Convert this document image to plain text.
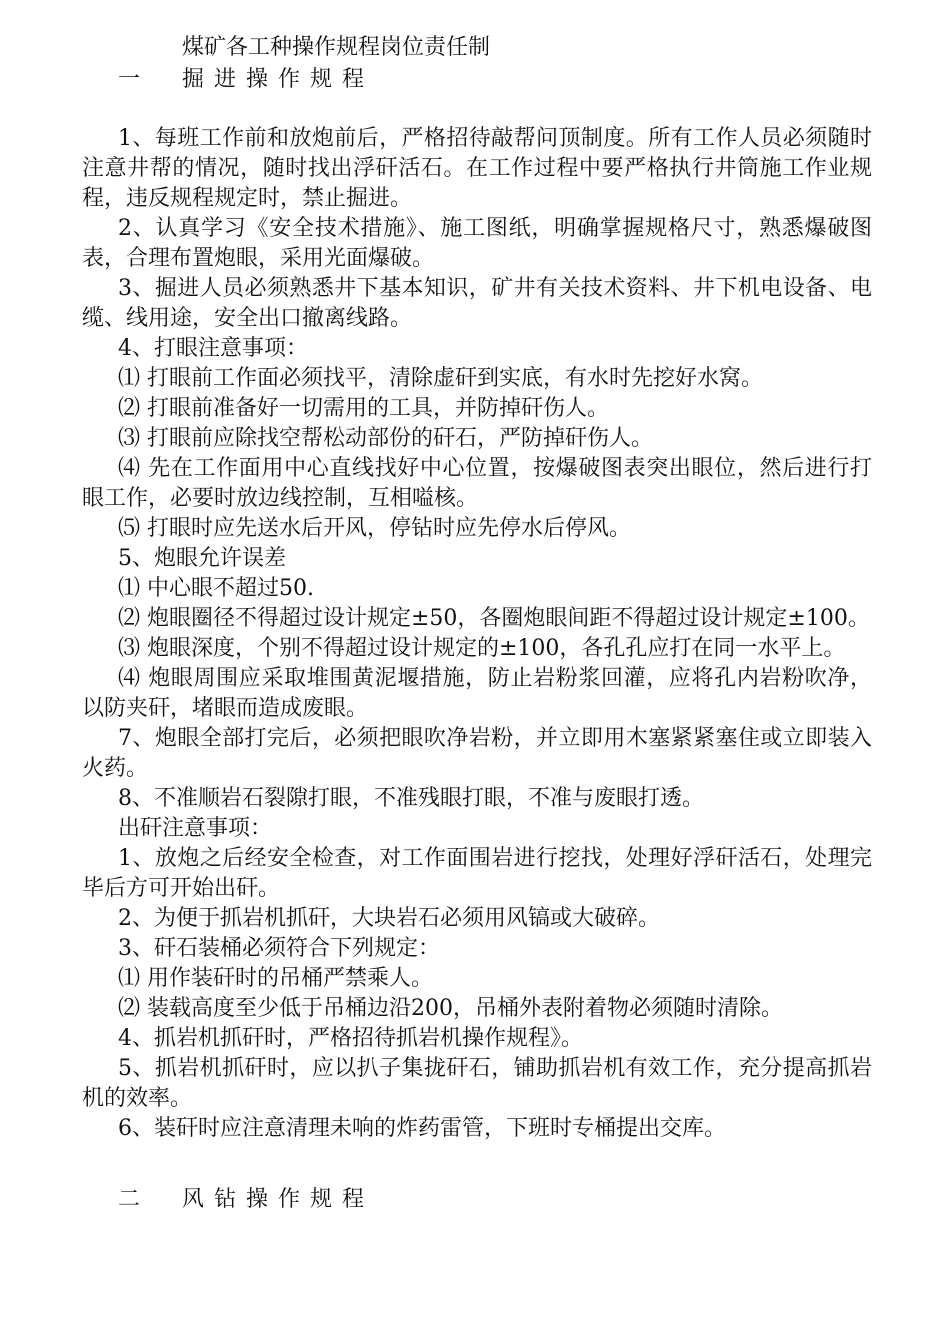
煤矿各工种操作规程岗位责任制
一　掘进操作规程

1、每班工作前和放炮前后，严格招待敲帮问顶制度。所有工作人员必须随时注意井帮的情况，随时找出浮矸活石。在工作过程中要严格执行井筒施工作业规程，违反规程规定时，禁止掘进。

2、认真学习《安全技术措施》、施工图纸，明确掌握规格尺寸，熟悉爆破图表，合理布置炮眼，采用光面爆破。

3、掘进人员必须熟悉井下基本知识，矿井有关技术资料、井下机电设备、电缆、线用途，安全出口撤离线路。

4、打眼注意事项：

⑴ 打眼前工作面必须找平，清除虚矸到实底，有水时先挖好水窝。

⑵ 打眼前准备好一切需用的工具，并防掉矸伤人。

⑶ 打眼前应除找空帮松动部份的矸石，严防掉矸伤人。

⑷ 先在工作面用中心直线找好中心位置，按爆破图表突出眼位，然后进行打眼工作，必要时放边线控制，互相嗌核。

⑸ 打眼时应先送水后开风，停钻时应先停水后停风。

5、炮眼允许误差

⑴ 中心眼不超过50.

⑵ 炮眼圈径不得超过设计规定±50，各圈炮眼间距不得超过设计规定±100。

⑶ 炮眼深度，个别不得超过设计规定的±100，各孔孔应打在同一水平上。

⑷ 炮眼周围应采取堆围黄泥堰措施，防止岩粉浆回灌，应将孔内岩粉吹净，以防夹矸，堵眼而造成废眼。

7、炮眼全部打完后，必须把眼吹净岩粉，并立即用木塞紧紧塞住或立即装入火药。

8、不准顺岩石裂隙打眼，不准残眼打眼，不准与废眼打透。

出矸注意事项：

1、放炮之后经安全检查，对工作面围岩进行挖找，处理好浮矸活石，处理完毕后方可开始出矸。

2、为便于抓岩机抓矸，大块岩石必须用风镐或大破碎。

3、矸石装桶必须符合下列规定：

⑴ 用作装矸时的吊桶严禁乘人。

⑵ 装载高度至少低于吊桶边沿200，吊桶外表附着物必须随时清除。

4、抓岩机抓矸时，严格招待抓岩机操作规程》。

5、抓岩机抓矸时，应以扒子集拢矸石，铺助抓岩机有效工作，充分提高抓岩机的效率。

6、装矸时应注意清理未响的炸药雷管，下班时专桶提出交库。

二　风钻操作规程
